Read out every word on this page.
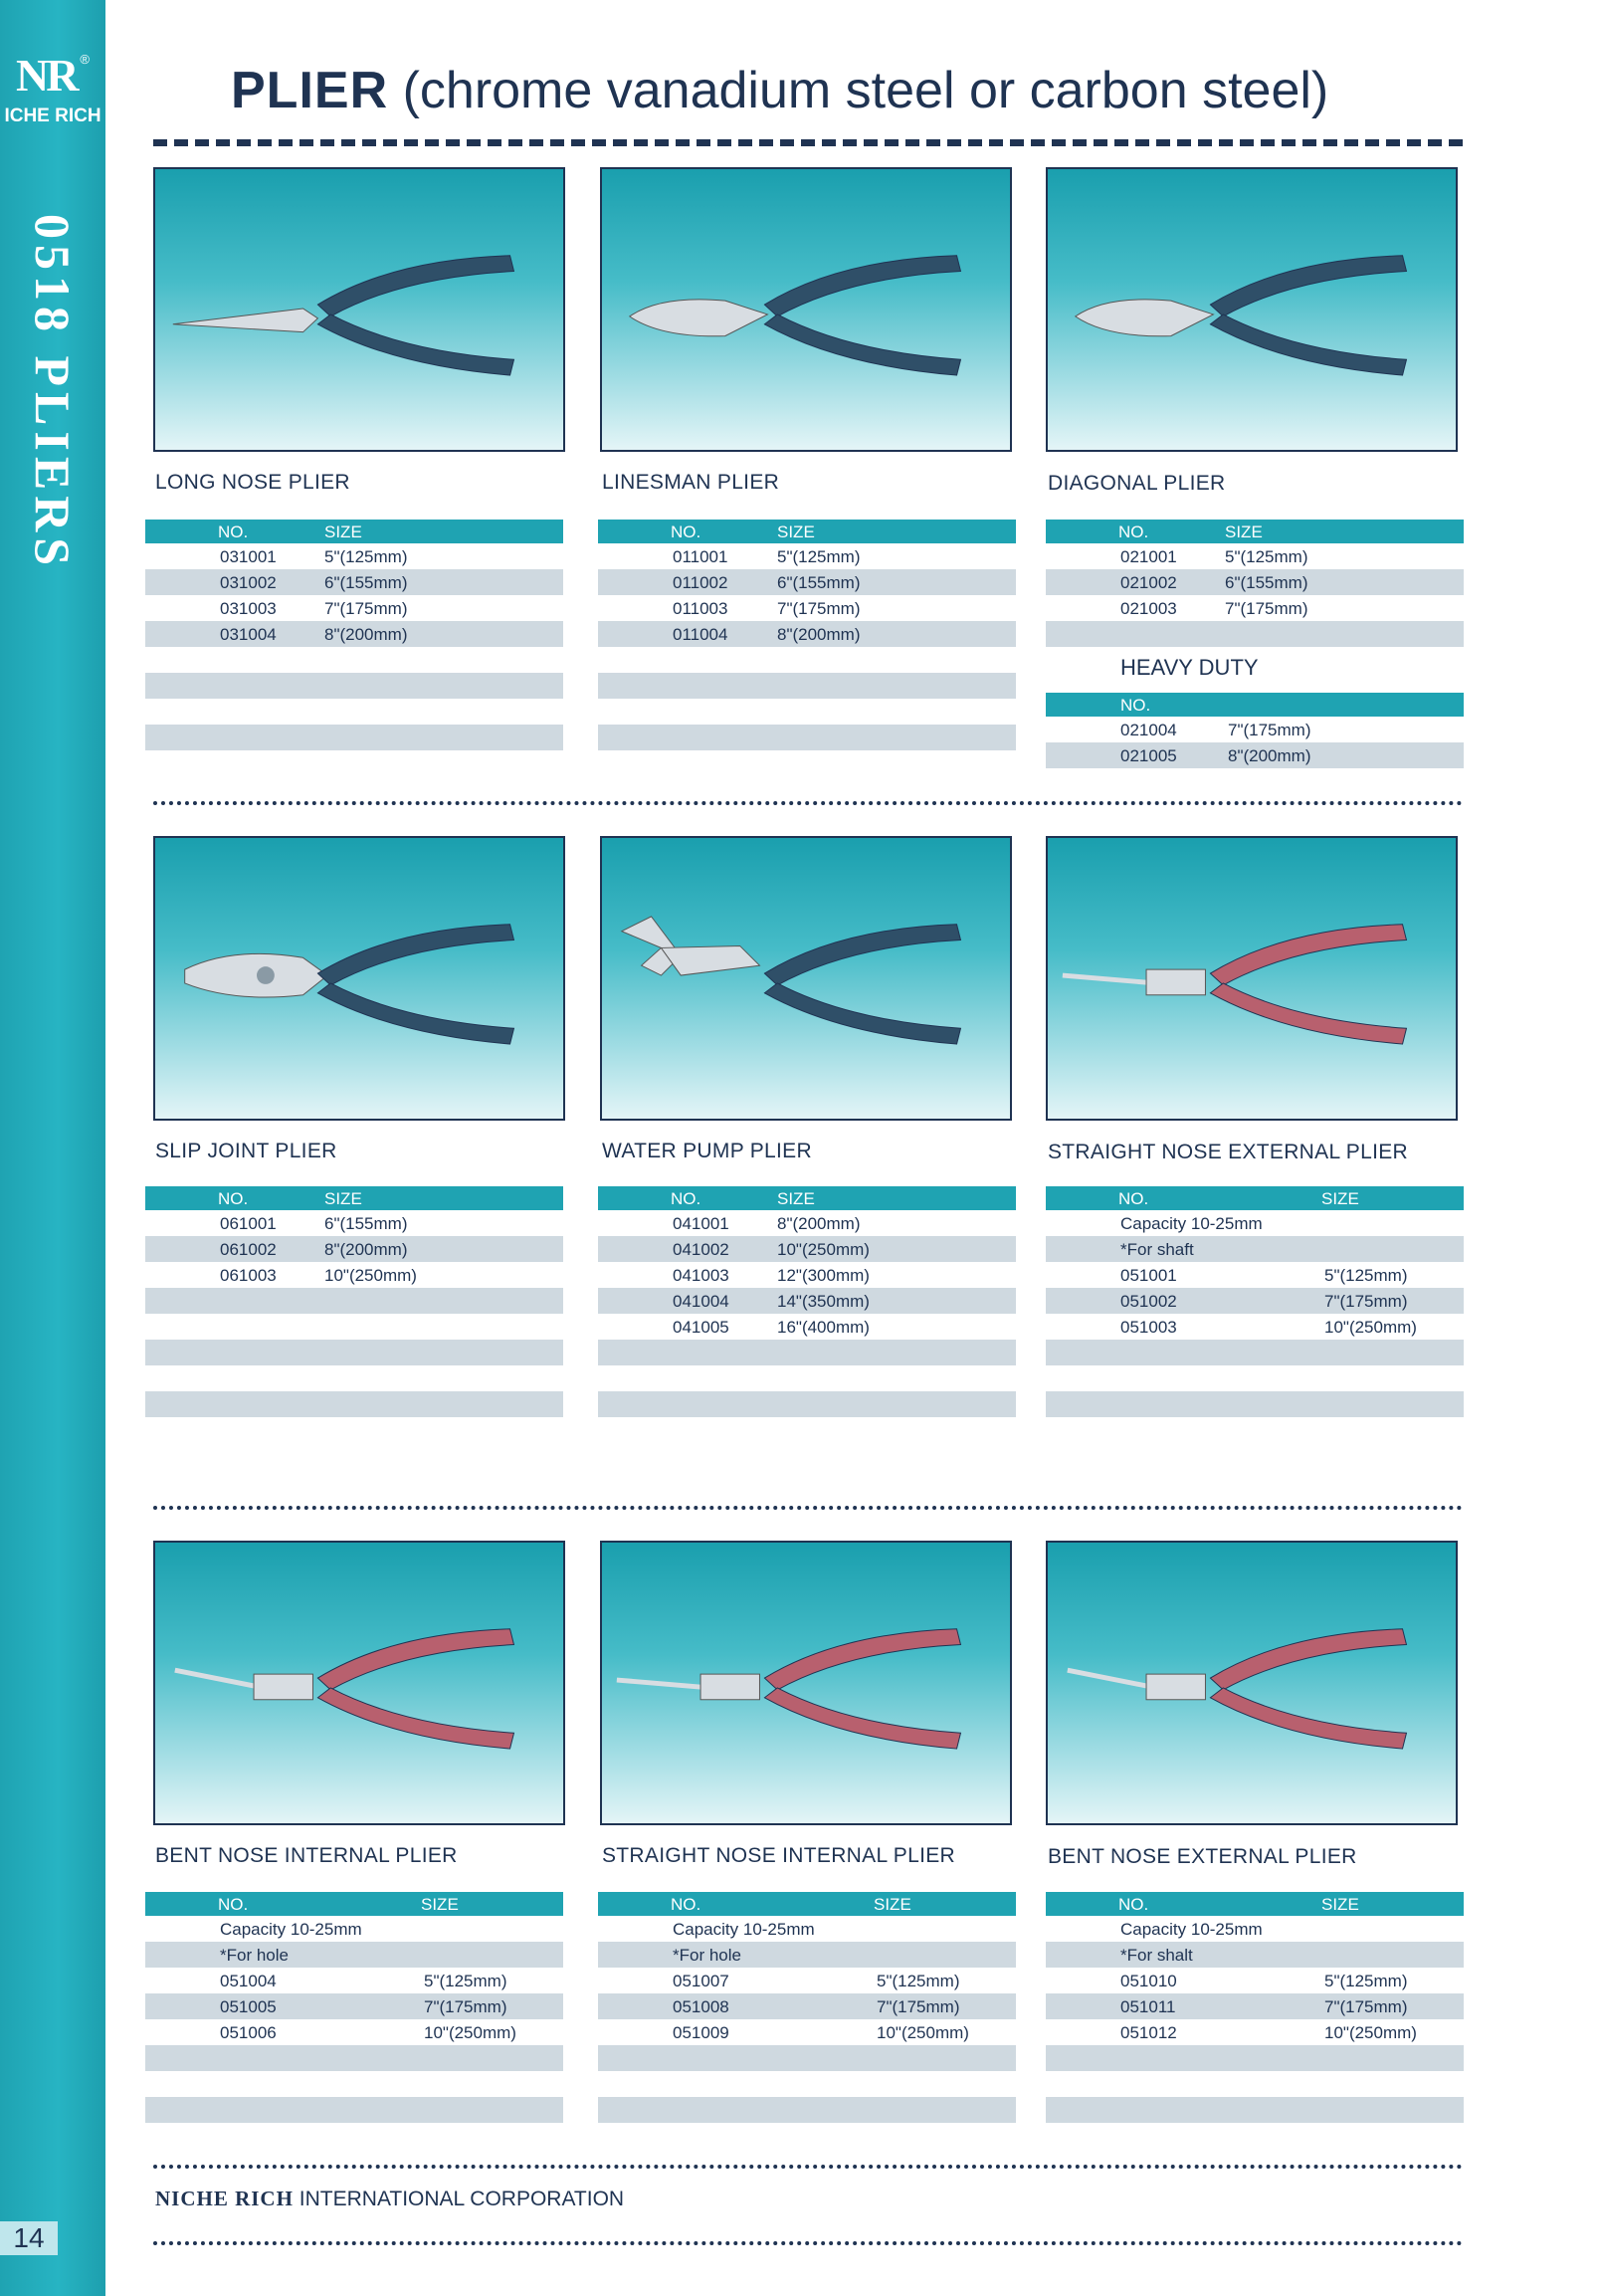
NR ®
ICHE RICH
0518 PLIERS
14
PLIER (chrome vanadium steel or carbon steel)
LONG NOSE PLIER
NO.	SIZE
031001	5"(125mm)
031002	6"(155mm)
031003	7"(175mm)
031004	8"(200mm)
LINESMAN PLIER
NO.	SIZE
011001	5"(125mm)
011002	6"(155mm)
011003	7"(175mm)
011004	8"(200mm)
DIAGONAL PLIER
NO.	SIZE
021001	5"(125mm)
021002	6"(155mm)
021003	7"(175mm)
HEAVY DUTY
NO.
021004	7"(175mm)
021005	8"(200mm)
SLIP JOINT PLIER
NO.	SIZE
061001	6"(155mm)
061002	8"(200mm)
061003	10"(250mm)
WATER PUMP PLIER
NO.	SIZE
041001	8"(200mm)
041002	10"(250mm)
041003	12"(300mm)
041004	14"(350mm)
041005	16"(400mm)
STRAIGHT NOSE EXTERNAL PLIER
NO.	SIZE
Capacity 10-25mm
*For shaft
051001	5"(125mm)
051002	7"(175mm)
051003	10"(250mm)
BENT NOSE INTERNAL PLIER
NO.	SIZE
Capacity 10-25mm
*For hole
051004	5"(125mm)
051005	7"(175mm)
051006	10"(250mm)
STRAIGHT NOSE INTERNAL PLIER
NO.	SIZE
Capacity 10-25mm
*For hole
051007	5"(125mm)
051008	7"(175mm)
051009	10"(250mm)
BENT NOSE EXTERNAL PLIER
NO.	SIZE
Capacity 10-25mm
*For shalt
051010	5"(125mm)
051011	7"(175mm)
051012	10"(250mm)
NICHE RICH INTERNATIONAL CORPORATION
